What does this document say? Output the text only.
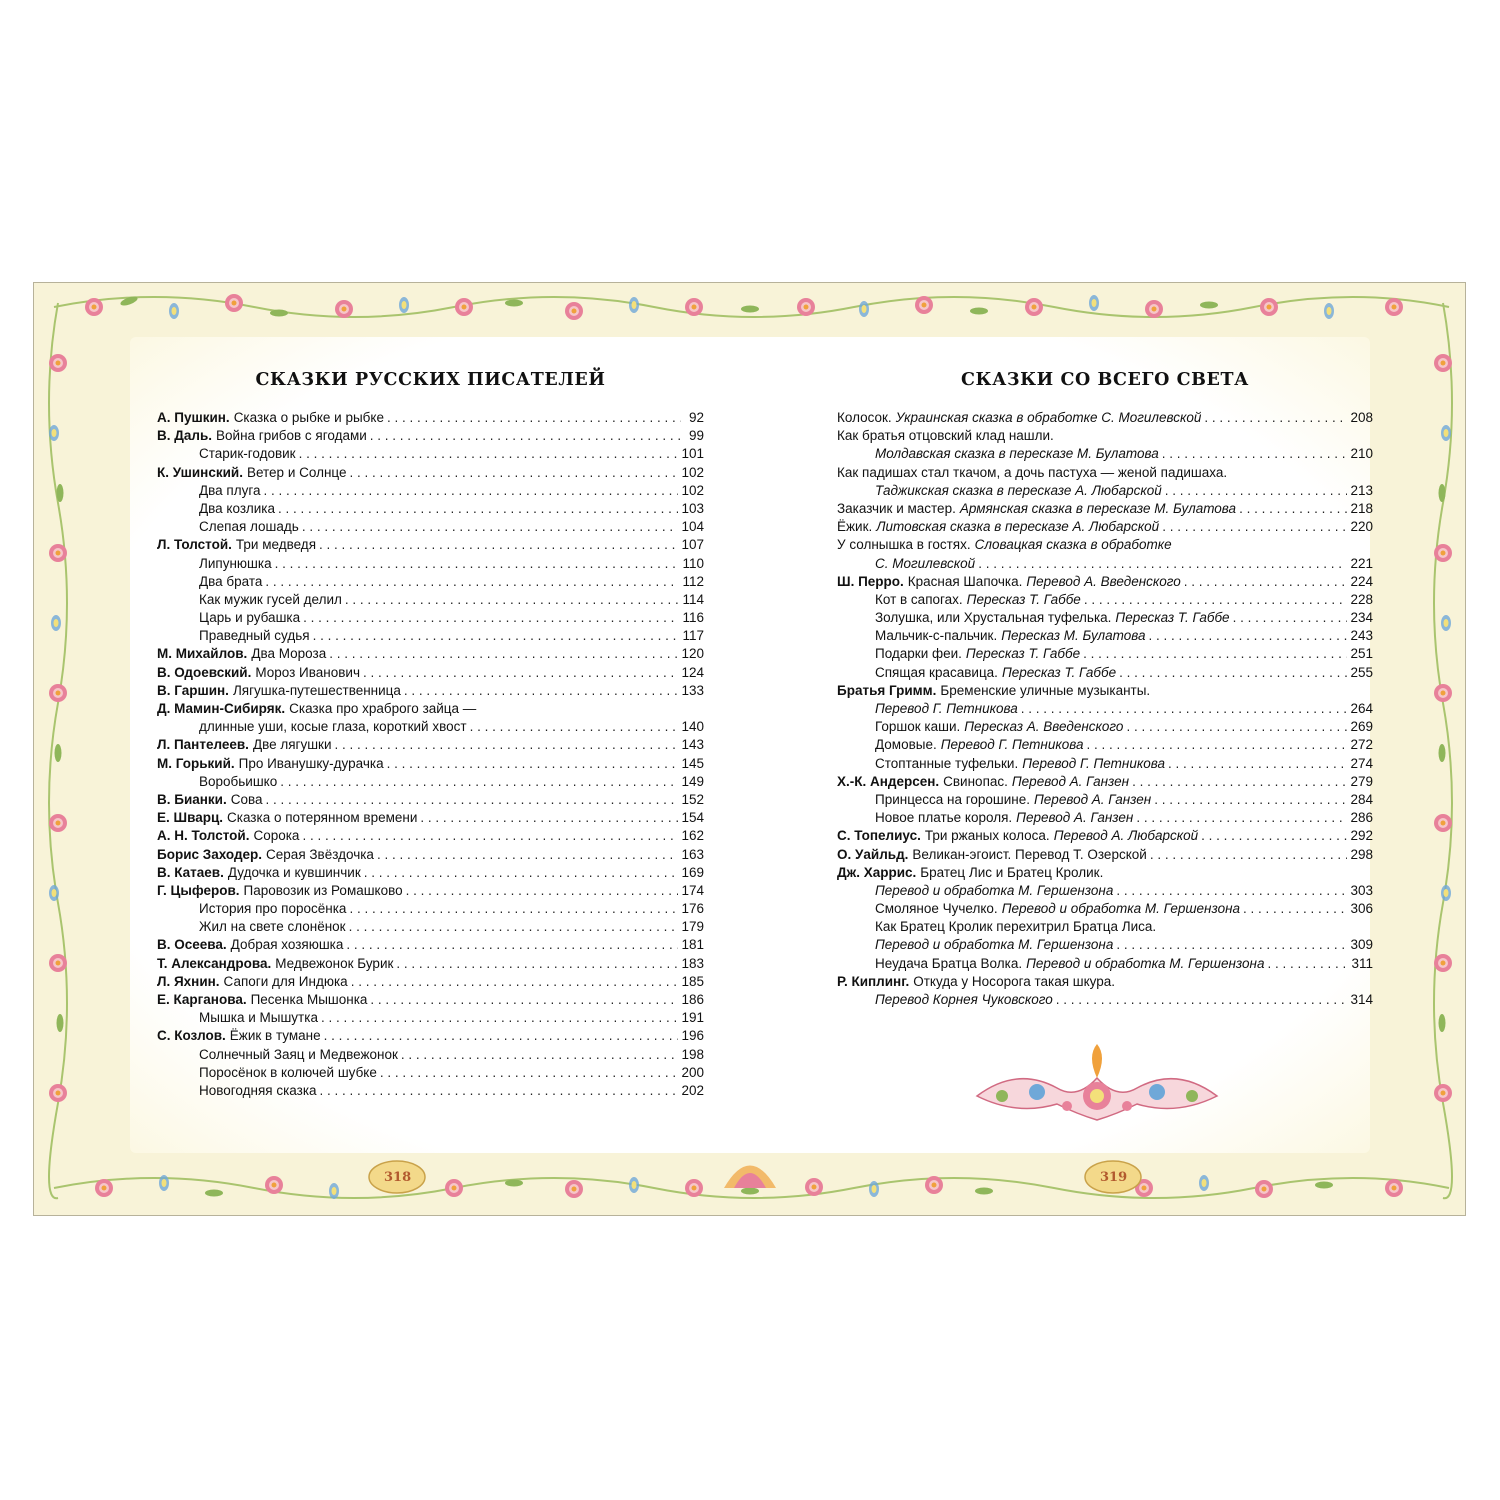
СКАЗКИ РУССКИХ ПИСАТЕЛЕЙ
А. Пушкин. Сказка о рыбке и рыбке . . .	92
В. Даль. Война грибов с ягодами . . .	99
Старик-годовик . . .	101
К. Ушинский. Ветер и Солнце . . .	102
Два плуга . . .	102
Два козлика . . .	103
Слепая лошадь . . .	104
Л. Толстой. Три медведя . . .	107
Липунюшка . . .	110
Два брата . . .	112
Как мужик гусей делил . . .	114
Царь и рубашка . . .	116
Праведный судья . . .	117
М. Михайлов. Два Мороза . . .	120
В. Одоевский. Мороз Иванович . . .	124
В. Гаршин. Лягушка-путешественница . . .	133
Д. Мамин-Сибиряк. Сказка про храброго зайца —
длинные уши, косые глаза, короткий хвост . . .	140
Л. Пантелеев. Две лягушки . . .	143
М. Горький. Про Иванушку-дурачка . . .	145
Воробьишко . . .	149
В. Бианки. Сова . . .	152
Е. Шварц. Сказка о потерянном времени . . .	154
А. Н. Толстой. Сорока . . .	162
Борис Заходер. Серая Звёздочка . . .	163
В. Катаев. Дудочка и кувшинчик . . .	169
Г. Цыферов. Паровозик из Ромашково . . .	174
История про поросёнка . . .	176
Жил на свете слонёнок . . .	179
В. Осеева. Добрая хозяюшка . . .	181
Т. Александрова. Медвежонок Бурик . . .	183
Л. Яхнин. Сапоги для Индюка . . .	185
Е. Карганова. Песенка Мышонка . . .	186
Мышка и Мышутка . . .	191
С. Козлов. Ёжик в тумане . . .	196
Солнечный Заяц и Медвежонок . . .	198
Поросёнок в колючей шубке . . .	200
Новогодняя сказка . . .	202
СКАЗКИ СО ВСЕГО СВЕТА
Колосок. Украинская сказка в обработке С. Могилевской . . .	208
Как братья отцовский клад нашли.
Молдавская сказка в пересказе М. Булатова . . .	210
Как падишах стал ткачом, а дочь пастуха — женой падишаха.
Таджикская сказка в пересказе А. Любарской . . .	213
Заказчик и мастер. Армянская сказка в пересказе М. Булатова . . .	218
Ёжик. Литовская сказка в пересказе А. Любарской . . .	220
У солнышка в гостях. Словацкая сказка в обработке
С. Могилевской . . .	221
Ш. Перро. Красная Шапочка. Перевод А. Введенского . . .	224
Кот в сапогах. Пересказ Т. Габбе . . .	228
Золушка, или Хрустальная туфелька. Пересказ Т. Габбе . . .	234
Мальчик-с-пальчик. Пересказ М. Булатова . . .	243
Подарки феи. Пересказ Т. Габбе . . .	251
Спящая красавица. Пересказ Т. Габбе . . .	255
Братья Гримм. Бременские уличные музыканты.
Перевод Г. Петникова . . .	264
Горшок каши. Пересказ А. Введенского . . .	269
Домовые. Перевод Г. Петникова . . .	272
Стоптанные туфельки. Перевод Г. Петникова . . .	274
Х.-К. Андерсен. Свинопас. Перевод А. Ганзен . . .	279
Принцесса на горошине. Перевод А. Ганзен . . .	284
Новое платье короля. Перевод А. Ганзен . . .	286
С. Топелиус. Три ржаных колоса. Перевод А. Любарской . . .	292
О. Уайльд. Великан-эгоист. Перевод Т. Озерской . . .	298
Дж. Харрис. Братец Лис и Братец Кролик.
Перевод и обработка М. Гершензона . . .	303
Смоляное Чучелко. Перевод и обработка М. Гершензона . . .	306
Как Братец Кролик перехитрил Братца Лиса.
Перевод и обработка М. Гершензона . . .	309
Неудача Братца Волка. Перевод и обработка М. Гершензона . . .	311
Р. Киплинг. Откуда у Носорога такая шкура.
Перевод Корнея Чуковского . . .	314
318	319
